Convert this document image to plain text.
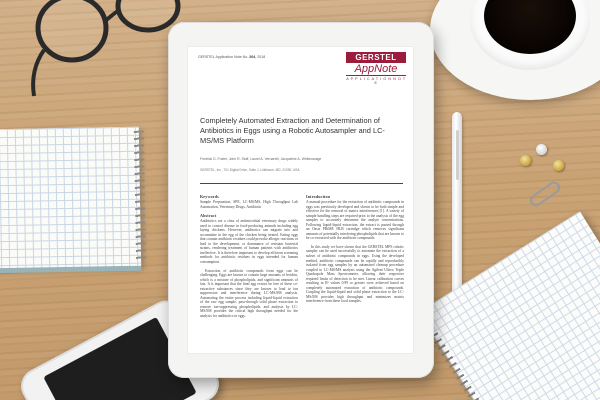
GERSTEL Application Note No. 204, 2018	GERSTEL
AppNote
A P P L I C A T I O N N O T E
Completely Automated Extraction and Determination of Antibiotics in Eggs using a Robotic Autosampler and LC-MS/MS Platform
Fredrick D. Foster, John R. Stuff, Laurel A. Vernarelli, Jacqueline A. Whitecavage
GERSTEL, Inc., 701 Digital Drive, Suite J, Linthicum, MD, 21090, USA
Keywords
Sample Preparation, SPE, LC-MS/MS, High Throughput Lab Automation, Veterinary Drugs, Antibiotic
Abstract
Antibiotics are a class of antimicrobial veterinary drugs widely used to control disease in food-producing animals including egg laying chickens. However, antibiotics can migrate into and accumulate in the egg of the chicken being treated. Eating eggs that contain antibiotic residues could provoke allergic reactions or lead to the development, or dominance of resistant bacterial strains, rendering treatment of human patients with antibiotics ineffective. It is therefore important to develop efficient screening methods for antibiotic residues in eggs intended for human consumption.
Extraction of antibiotic compounds from eggs can be challenging. Eggs are known to contain large amounts of lecithin, which is a mixture of phospholipids, and significant amounts of fats. It is important that the final egg extract be free of these co-extractive substances since they are known to lead to ion suppression and interference during LC-MS/MS analysis. Automating the entire process including liquid-liquid extraction of the raw egg sample, pass-through solid phase extraction to remove ion-suppressing phospholipids, and analysis by LC-MS/MS provides the critical high throughput needed for the analysis for antibiotics in eggs.
Introduction
A manual procedure for the extraction of antibiotic compounds in eggs was previously developed and shown to be both simple and effective for the removal of matrix interferences [1]. A variety of sample handling steps are required prior to the analysis of the egg samples to accurately determine the analyte concentrations. Following liquid-liquid extraction, the extract is passed through an Oasis PRiME HLB cartridge which removes significant amounts of potentially interfering phospholipids that are known to be co-extracted with the antibiotic compounds.
In this study we have shown that the GERSTEL MPS robotic sampler can be used successfully to automate the extraction of a subset of antibiotic compounds in eggs. Using the developed method, antibiotic compounds can be rapidly and reproducibly isolated from egg samples by an automated cleanup procedure coupled to LC-MS/MS analysis using the Agilent Ultivo Triple Quadrupole Mass Spectrometer, allowing their respective required limits of detection to be met. Linear calibration curves resulting in R² values 0.99 or greater were achieved based on completely automated extraction of antibiotic compounds. Coupling the liquid-liquid and solid phase extraction to the LC-MS/MS provides high throughput and minimizes matrix interference from these food samples.
